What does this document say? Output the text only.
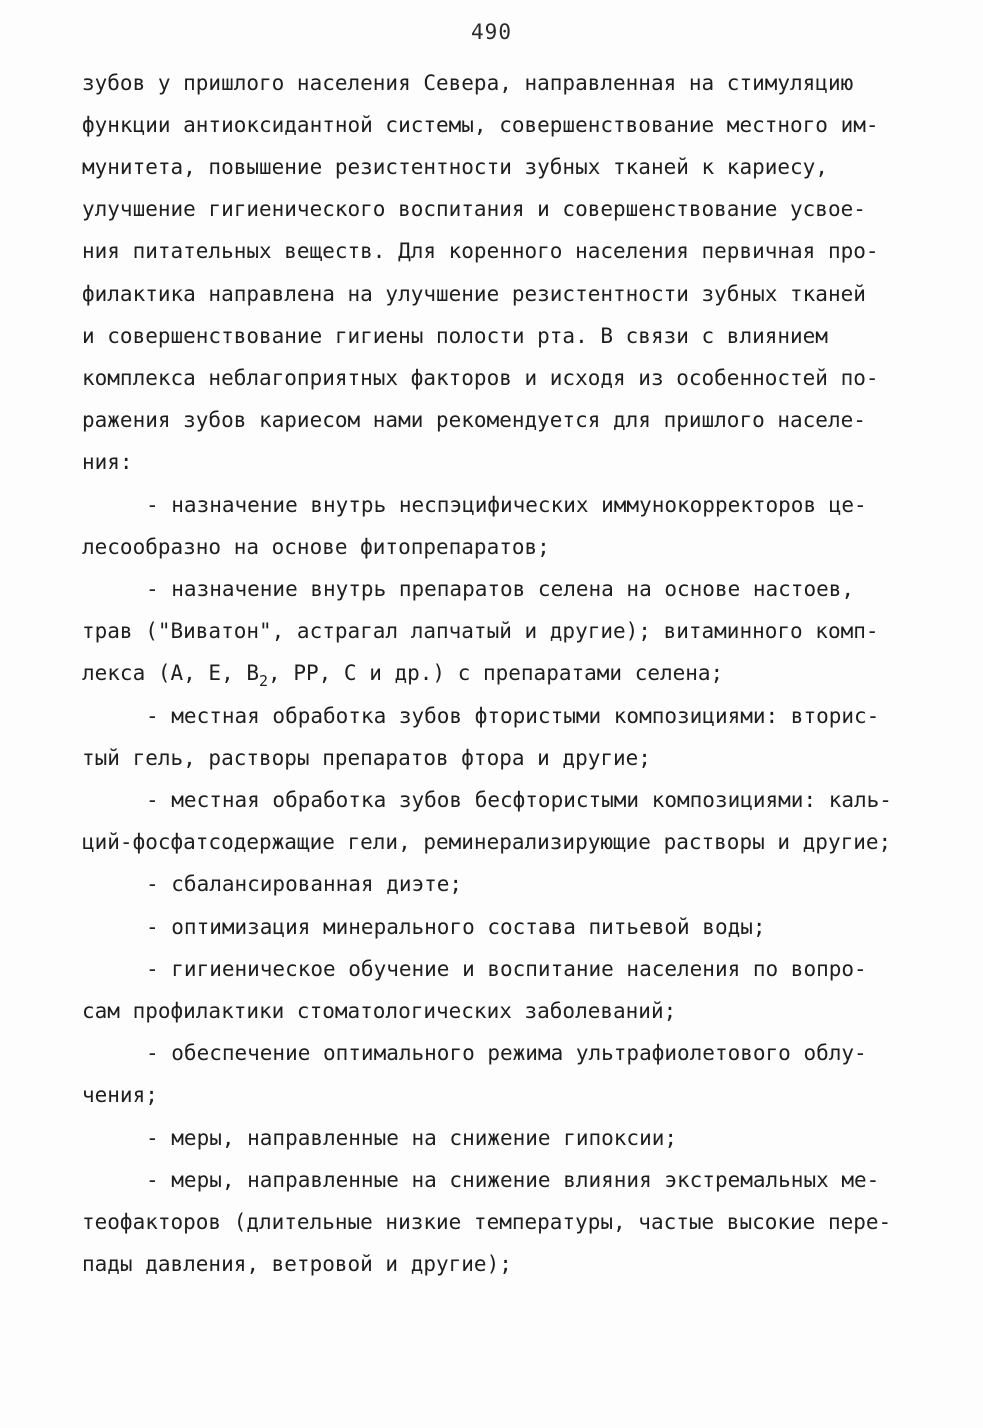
490
зубов у пришлого населения Севера, направленная на стимуляцию
функции антиоксидантной системы, совершенствование местного им-
мунитета, повышение резистентности зубных тканей к кариесу,
улучшение гигиенического воспитания и совершенствование усвое-
ния питательных веществ. Для коренного населения первичная про-
филактика направлена на улучшение резистентности зубных тканей
и совершенствование гигиены полости рта. В связи с влиянием
комплекса неблагоприятных факторов и исходя из особенностей по-
ражения зубов кариесом нами рекомендуется для пришлого населе-
ния:
- назначение внутрь неспэцифических иммунокорректоров це-
лесообразно на основе фитопрепаратов;
- назначение внутрь препаратов селена на основе настоев,
трав ("Виватон", астрагал лапчатый и другие); витаминного комп-
лекса (А, Е, $В_2$, РР, С и др.) с препаратами селена;
- местная обработка зубов фтористыми композициями: вторис-
тый гель, растворы препаратов фтора и другие;
- местная обработка зубов бесфтористыми композициями: каль-
ций-фосфатсодержащие гели, реминерализирующие растворы и другие;
- сбалансированная диэте;
- оптимизация минерального состава питьевой воды;
- гигиеническое обучение и воспитание населения по вопро-
сам профилактики стоматологических заболеваний;
- обеспечение оптимального режима ультрафиолетового облу-
чения;
- меры, направленные на снижение гипоксии;
- меры, направленные на снижение влияния экстремальных ме-
теофакторов (длительные низкие температуры, частые высокие пере-
пады давления, ветровой и другие);
